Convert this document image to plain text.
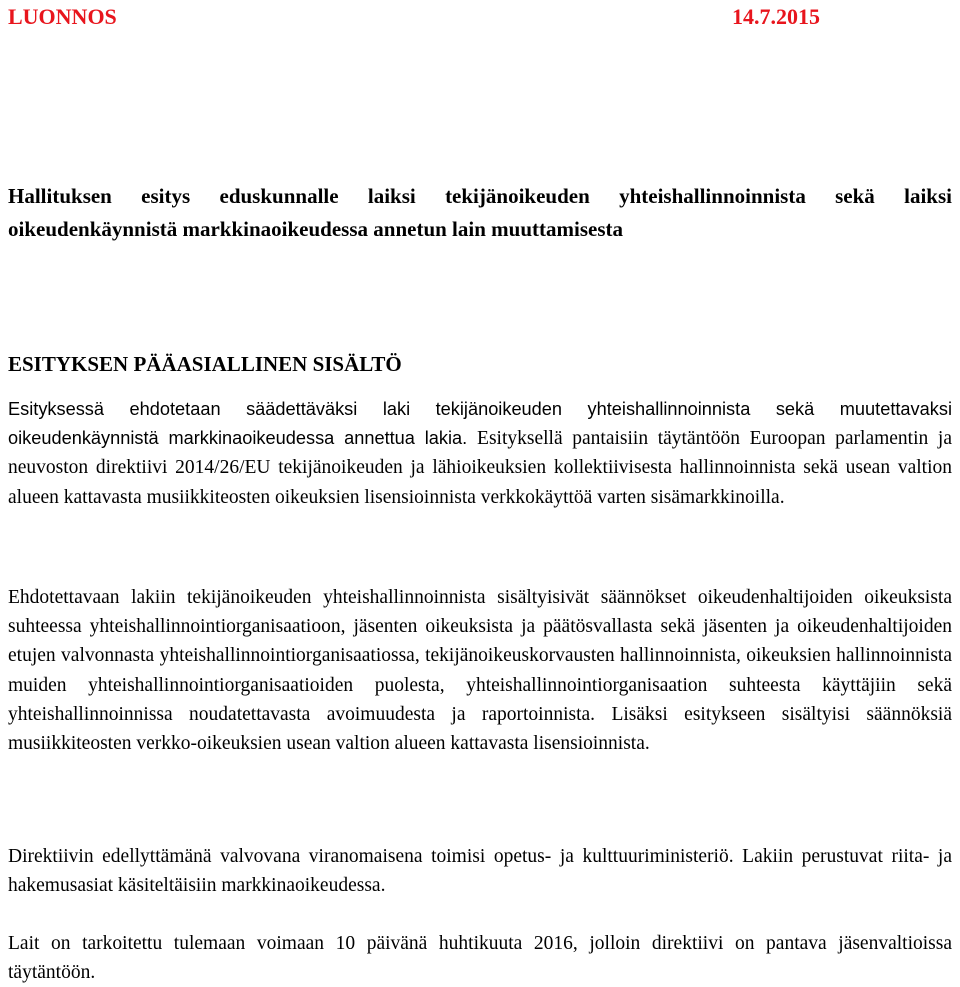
LUONNOS	14.7.2015
Hallituksen esitys eduskunnalle laiksi tekijänoikeuden yhteishallinnoinnista sekä laiksi oikeudenkäynnistä markkinaoikeudessa annetun lain muuttamisesta
ESITYKSEN PÄÄASIALLINEN SISÄLTÖ

Esityksessä ehdotetaan säädettäväksi laki tekijänoikeuden yhteishallinnoinnista sekä muutettavaksi oikeudenkäynnistä markkinaoikeudessa annettua lakia. Esityksellä pantaisiin täytäntöön Euroopan parlamentin ja neuvoston direktiivi 2014/26/EU tekijänoikeuden ja lähioikeuksien kollektiivisesta hallinnoinnista sekä usean valtion alueen kattavasta musiikkiteosten oikeuksien lisensioinnista verkkokäyttöä varten sisämarkkinoilla.

Ehdotettavaan lakiin tekijänoikeuden yhteishallinnoinnista sisältyisivät säännökset oikeudenhaltijoiden oikeuksista suhteessa yhteishallinnointiorganisaatioon, jäsenten oikeuksista ja päätösvallasta sekä jäsenten ja oikeudenhaltijoiden etujen valvonnasta yhteishallinnointiorganisaatiossa, tekijänoikeuskorvausten hallinnoinnista, oikeuksien hallinnoinnista muiden yhteishallinnointiorganisaatioiden puolesta, yhteishallinnointiorganisaation suhteesta käyttäjiin sekä yhteishallinnoinnissa noudatettavasta avoimuudesta ja raportoinnista. Lisäksi esitykseen sisältyisi säännöksiä musiikkiteosten verkko-oikeuksien usean valtion alueen kattavasta lisensioinnista.

Direktiivin edellyttämänä valvovana viranomaisena toimisi opetus- ja kulttuuriministeriö. Lakiin perustuvat riita- ja hakemusasiat käsiteltäisiin markkinaoikeudessa.

Lait on tarkoitettu tulemaan voimaan 10 päivänä huhtikuuta 2016, jolloin direktiivi on pantava jäsenvaltioissa täytäntöön.
